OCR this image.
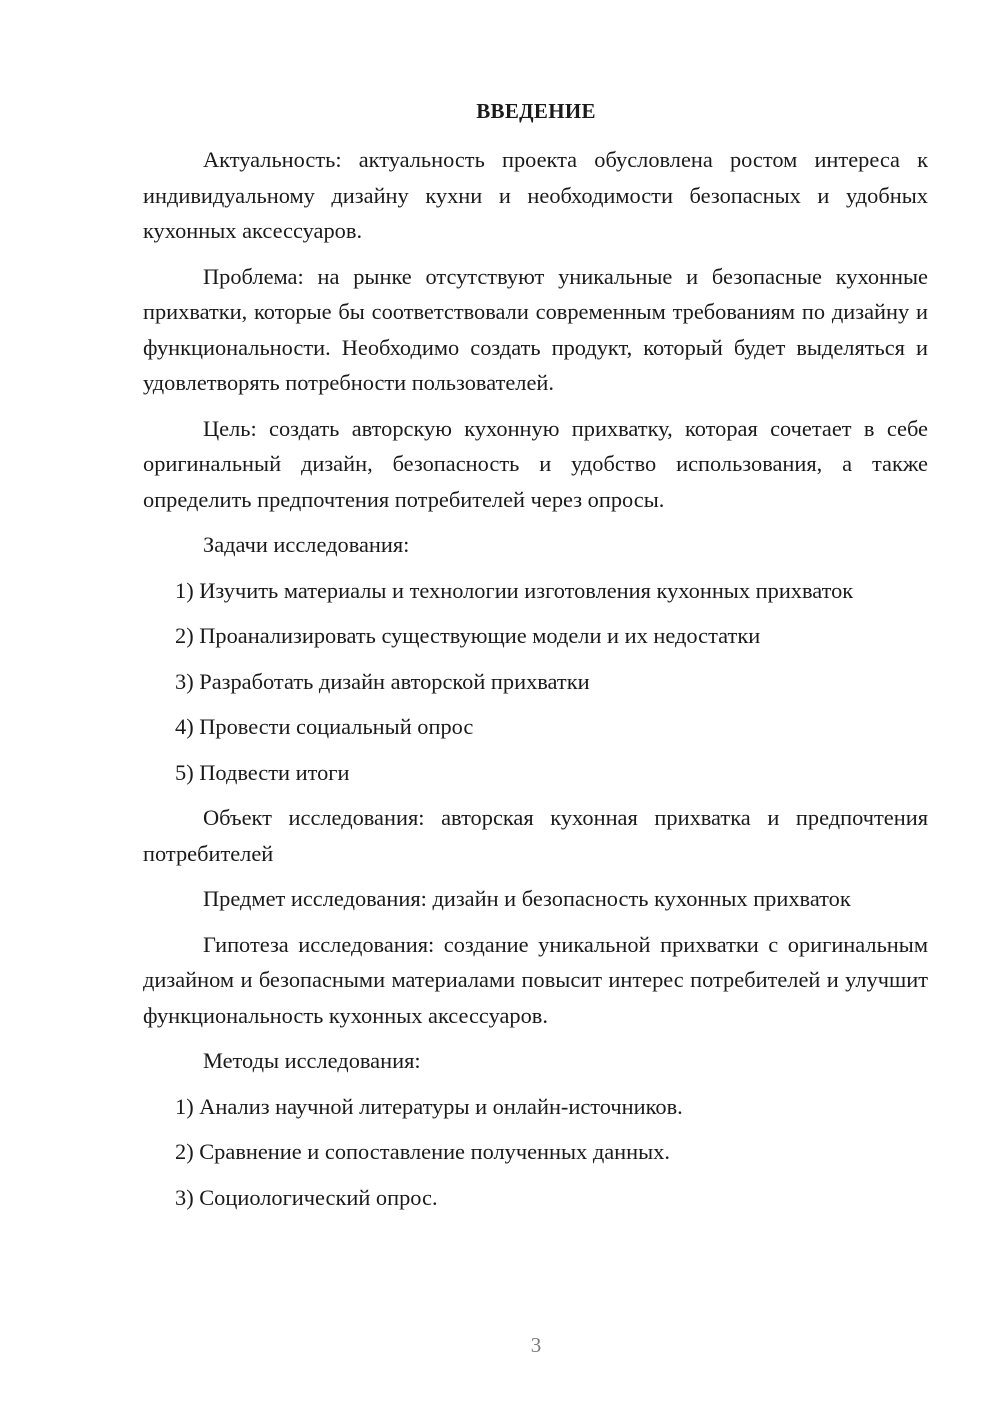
ВВЕДЕНИЕ

Актуальность: актуальность проекта обусловлена ростом интереса к индивидуальному дизайну кухни и необходимости безопасных и удобных кухонных аксессуаров.

Проблема: на рынке отсутствуют уникальные и безопасные кухонные прихватки, которые бы соответствовали современным требованиям по дизайну и функциональности. Необходимо создать продукт, который будет выделяться и удовлетворять потребности пользователей.

Цель: создать авторскую кухонную прихватку, которая сочетает в себе оригинальный дизайн, безопасность и удобство использования, а также определить предпочтения потребителей через опросы.

Задачи исследования:

1) Изучить материалы и технологии изготовления кухонных прихваток

2) Проанализировать существующие модели и их недостатки

3) Разработать дизайн авторской прихватки

4) Провести социальный опрос

5) Подвести итоги

Объект исследования: авторская кухонная прихватка и предпочтения потребителей

Предмет исследования: дизайн и безопасность кухонных прихваток

Гипотеза исследования: создание уникальной прихватки с оригинальным дизайном и безопасными материалами повысит интерес потребителей и улучшит функциональность кухонных аксессуаров.

Методы исследования:

1) Анализ научной литературы и онлайн-источников.

2) Сравнение и сопоставление полученных данных.

3) Социологический опрос.

3
